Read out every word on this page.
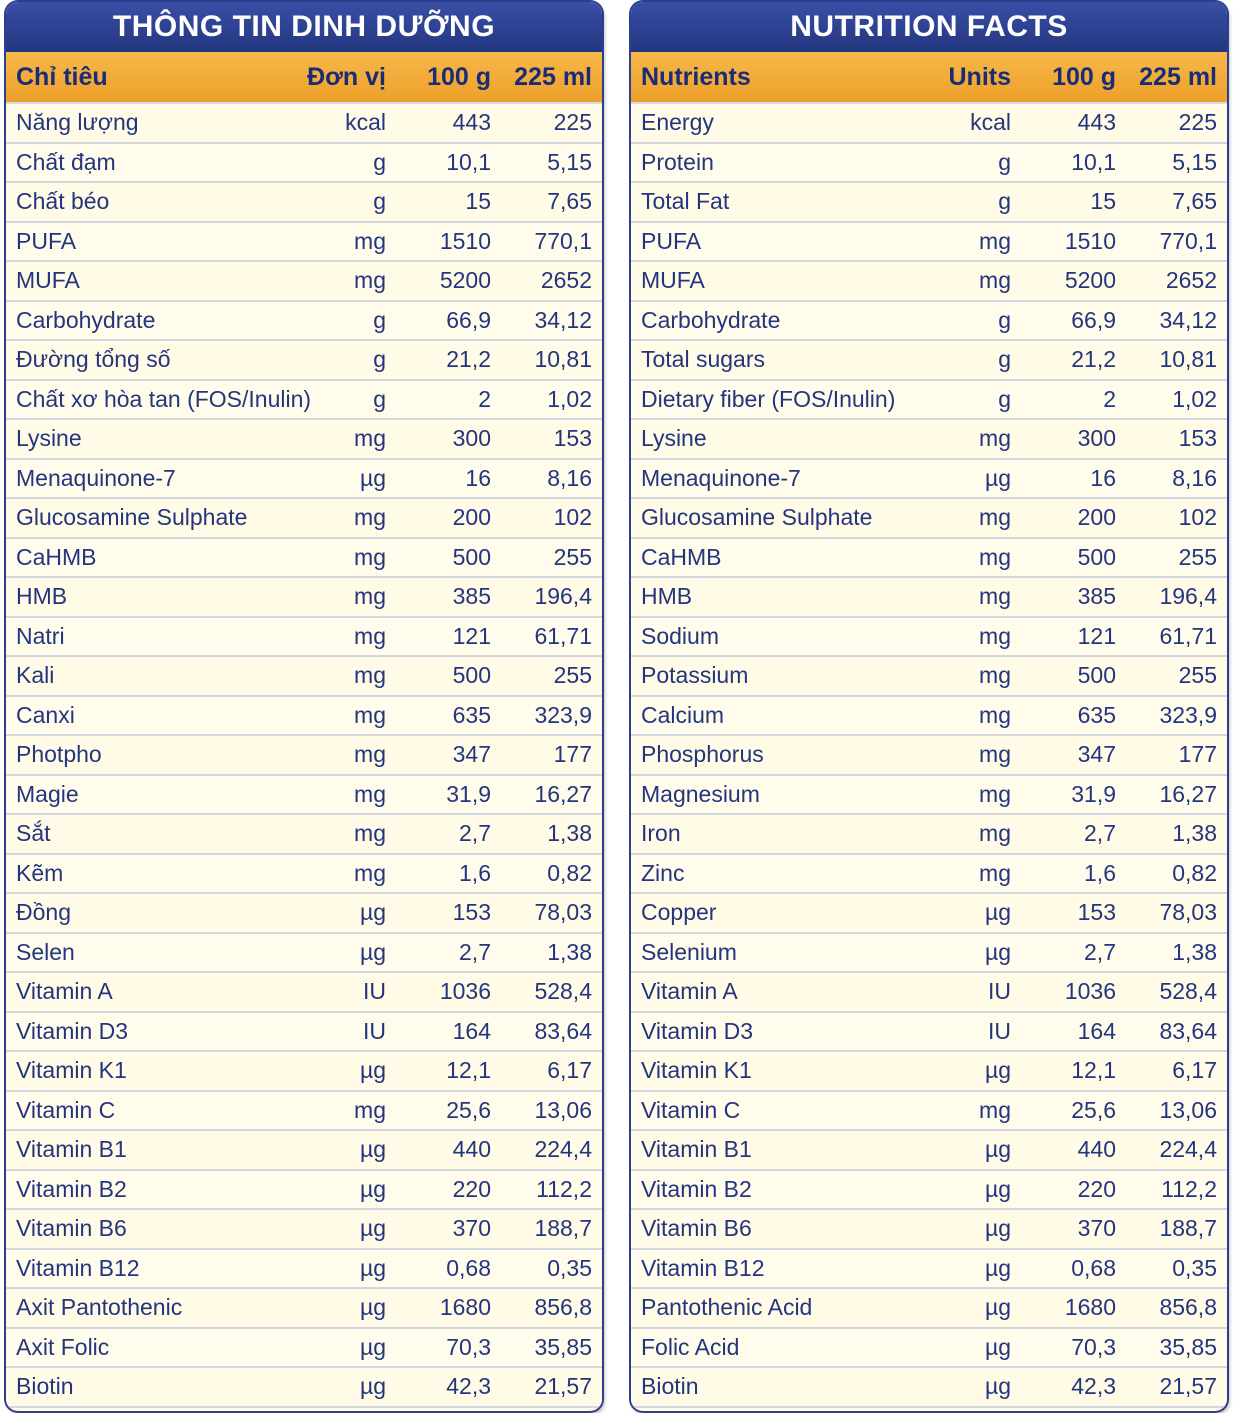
THÔNG TIN DINH DƯỠNG
Chỉ tiêu	Đơn vị	100 g 225 ml
Năng lượng	kcal	443	225
Chất đạm	g	10,1	5,15
Chất béo	g	15	7,65
PUFA	mg	1510	770,1
MUFA	mg	5200	2652
Carbohydrate	g	66,9	34,12
Đường tổng số	g	21,2	10,81
Chất xơ hòa tan (FOS/Inulin)	g	2	1,02
Lysine	mg	300	153
Menaquinone-7	µg	16	8,16
Glucosamine Sulphate	mg	200	102
CaHMB	mg	500	255
HMB	mg	385	196,4
Natri	mg	121	61,71
Kali	mg	500	255
Canxi	mg	635	323,9
Photpho	mg	347	177
Magie	mg	31,9	16,27
Sắt	mg	2,7	1,38
Kẽm	mg	1,6	0,82
Đồng	µg	153	78,03
Selen	µg	2,7	1,38
Vitamin A	IU	1036	528,4
Vitamin D3	IU	164	83,64
Vitamin K1	µg	12,1	6,17
Vitamin C	mg	25,6	13,06
Vitamin B1	µg	440	224,4
Vitamin B2	µg	220	112,2
Vitamin B6	µg	370	188,7
Vitamin B12	µg	0,68	0,35
Axit Pantothenic	µg	1680	856,8
Axit Folic	µg	70,3	35,85
Biotin	µg	42,3	21,57
NUTRITION FACTS
Nutrients	Units	100 g 225 ml
Energy	kcal	443	225
Protein	g	10,1	5,15
Total Fat	g	15	7,65
PUFA	mg	1510	770,1
MUFA	mg	5200	2652
Carbohydrate	g	66,9	34,12
Total sugars	g	21,2	10,81
Dietary fiber (FOS/Inulin)	g	2	1,02
Lysine	mg	300	153
Menaquinone-7	µg	16	8,16
Glucosamine Sulphate	mg	200	102
CaHMB	mg	500	255
HMB	mg	385	196,4
Sodium	mg	121	61,71
Potassium	mg	500	255
Calcium	mg	635	323,9
Phosphorus	mg	347	177
Magnesium	mg	31,9	16,27
Iron	mg	2,7	1,38
Zinc	mg	1,6	0,82
Copper	µg	153	78,03
Selenium	µg	2,7	1,38
Vitamin A	IU	1036	528,4
Vitamin D3	IU	164	83,64
Vitamin K1	µg	12,1	6,17
Vitamin C	mg	25,6	13,06
Vitamin B1	µg	440	224,4
Vitamin B2	µg	220	112,2
Vitamin B6	µg	370	188,7
Vitamin B12	µg	0,68	0,35
Pantothenic Acid	µg	1680	856,8
Folic Acid	µg	70,3	35,85
Biotin	µg	42,3	21,57
